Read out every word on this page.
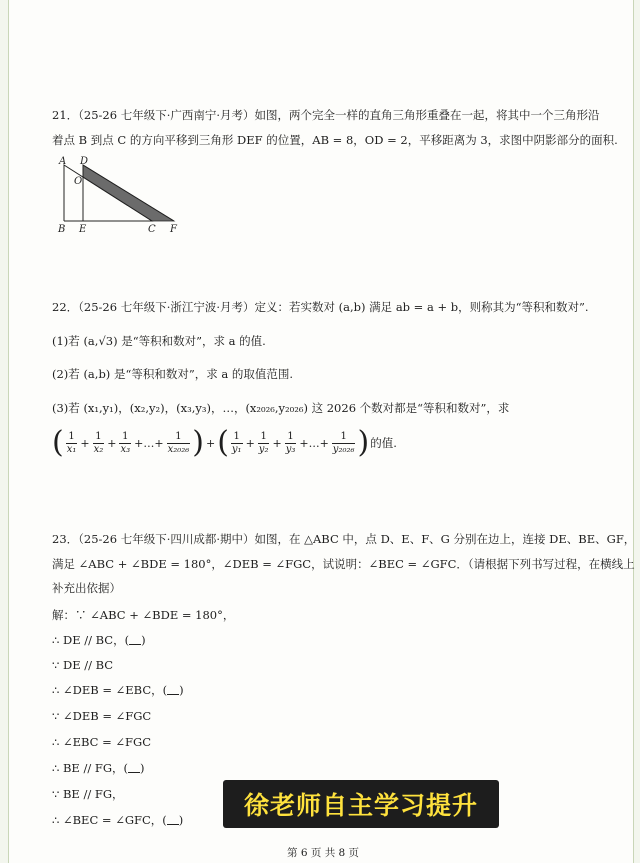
21．（25-26 七年级下·广西南宁·月考）如图，两个完全一样的直角三角形重叠在一起，将其中一个三角形沿
着点 B 到点 C 的方向平移到三角形 DEF 的位置，AB = 8，OD = 2，平移距离为 3，求图中阴影部分的面积.
A D
O
B E	C F
22．（25-26 七年级下·浙江宁波·月考）定义：若实数对 (a,b) 满足 ab = a + b，则称其为“等积和数对”.
(1)若 (a,√3) 是“等积和数对”，求 a 的值.
(2)若 (a,b) 是“等积和数对”，求 a 的取值范围.
(3)若 (x₁,y₁)，(x₂,y₂)，(x₃,y₃)，…，(x₂₀₂₆,y₂₀₂₆) 这 2026 个数对都是“等积和数对”，求
( $\frac{1}{\text{x₁}} + \frac{1}{\text{x₂}} + \frac{1}{\text{x₃}}$ +…+ $\frac{1}{\text{x₂₀₂₆}}$ ) + ( $\frac{1}{\text{y₁}} + \frac{1}{\text{y₂}} + \frac{1}{\text{y₃}}$ +…+ $\frac{1}{\text{y₂₀₂₆}}$ ) 的值.
23．（25-26 七年级下·四川成都·期中）如图，在 △ABC 中，点 D、E、F、G 分别在边上，连接 DE、BE、GF，
满足 ∠ABC + ∠BDE = 180°，∠DEB = ∠FGC，试说明：∠BEC = ∠GFC．（请根据下列书写过程，在横线上
补充出依据）
解：∵ ∠ABC + ∠BDE = 180°，
∴ DE // BC，( )
∵ DE // BC
∴ ∠DEB = ∠EBC，( )
∵ ∠DEB = ∠FGC
∴ ∠EBC = ∠FGC
∴ BE // FG，( )
∵ BE // FG，
∴ ∠BEC = ∠GFC，( ) 徐老师自主学习提升
第 6 页 共 8 页
